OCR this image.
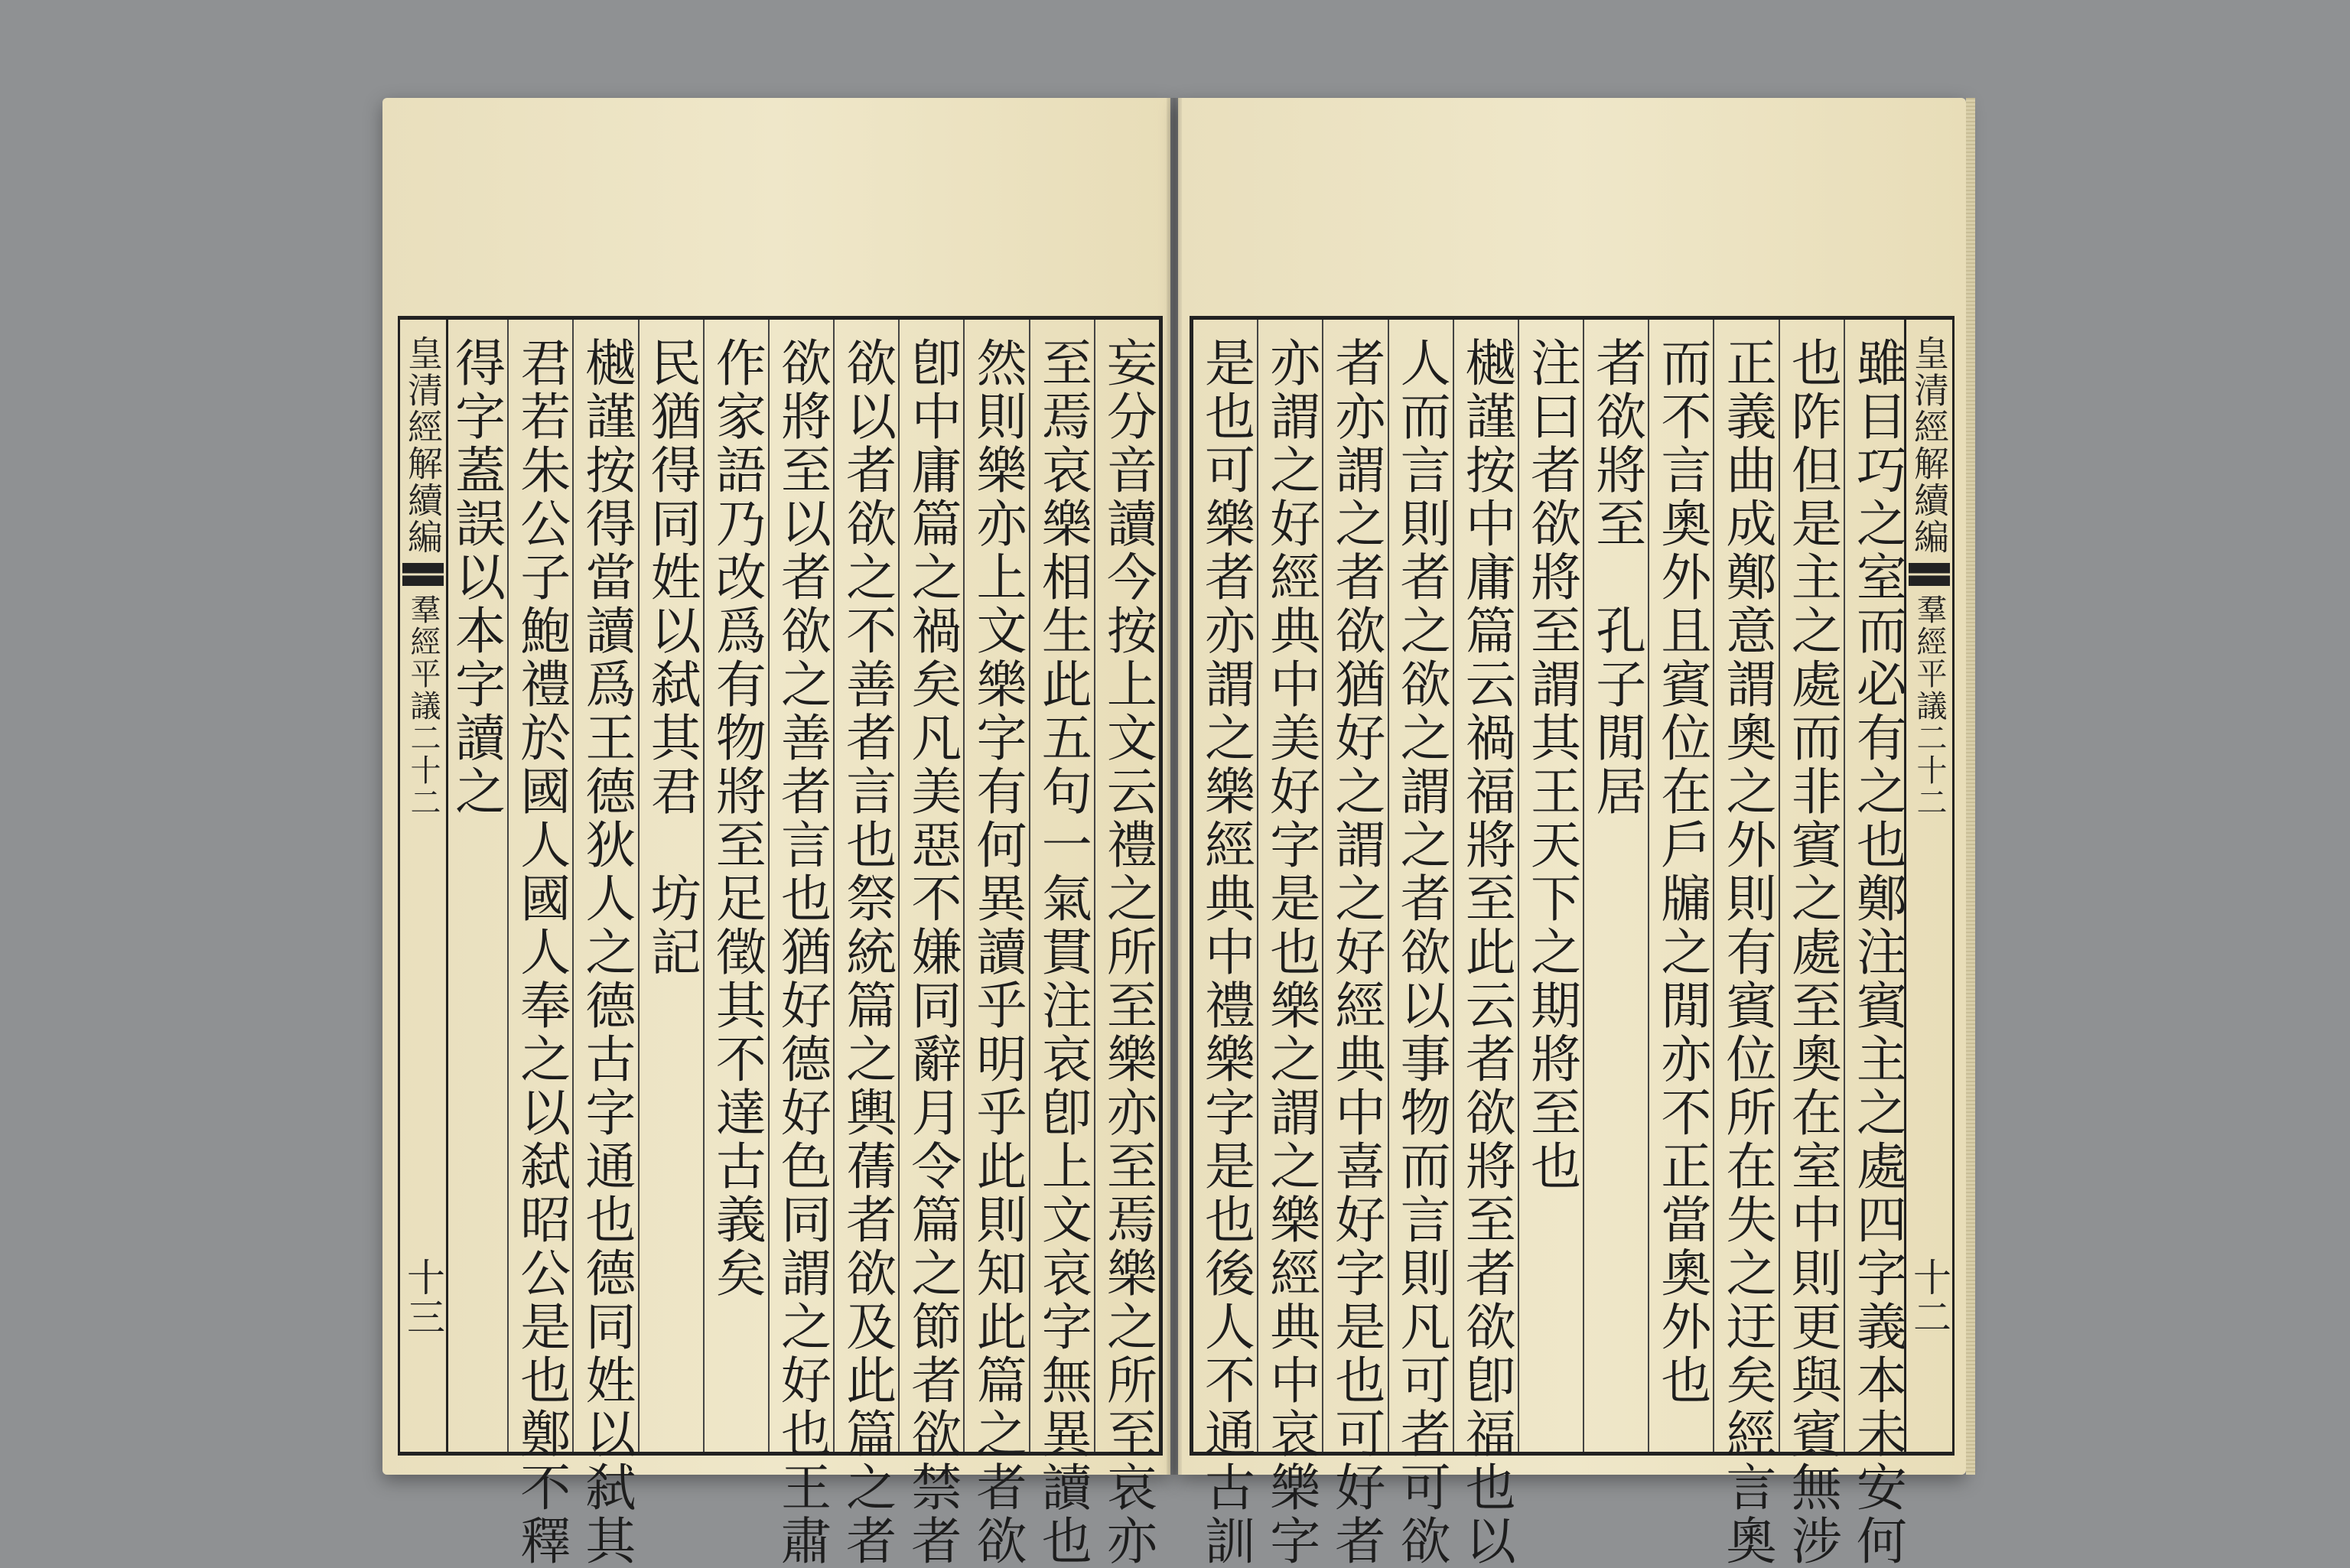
皇清經解續編
羣經平議二十二
十三	妄分音讀今按上文云禮之所至樂亦至焉樂之所至哀亦
至焉哀樂相生此五句一氣貫注哀卽上文哀字無異讀也
然則樂亦上文樂字有何異讀乎明乎此則知此篇之者欲
卽中庸篇之禍矣凡美惡不嫌同辭月令篇之節者欲禁者
欲以者欲之不善者言也祭統篇之輿蒨者欲及此篇之者
欲將至以者欲之善者言也猶好德好色同謂之好也王肅
作家語乃改爲有物將至足徵其不達古義矣
民猶得同姓以弑其君　坊記
樾謹按得當讀爲王德狄人之德古字通也德同姓以弑其
君若朱公子鮑禮於國人國人奉之以弑昭公是也鄭不釋
得字蓋誤以本字讀之	雖目巧之室而必有之也鄭注賓主之處四字義本未安何
也阼但是主之處而非賓之處至奧在室中則更與賓無涉
正義曲成鄭意謂奧之外則有賓位所在失之迂矣經言奧
而不言奧外且賓位在戶牖之閒亦不正當奧外也
者欲將至　孔子閒居
注曰者欲將至謂其王天下之期將至也
樾謹按中庸篇云禍福將至此云者欲將至者欲卽福也以
人而言則者之欲之謂之者欲以事物而言則凡可者可欲
者亦謂之者欲猶好之謂之好經典中喜好字是也可好者
亦謂之好經典中美好字是也樂之謂之樂經典中哀樂字
是也可樂者亦謂之樂經典中禮樂字是也後人不通古訓	皇清經解續編
羣經平議二十二
十二
